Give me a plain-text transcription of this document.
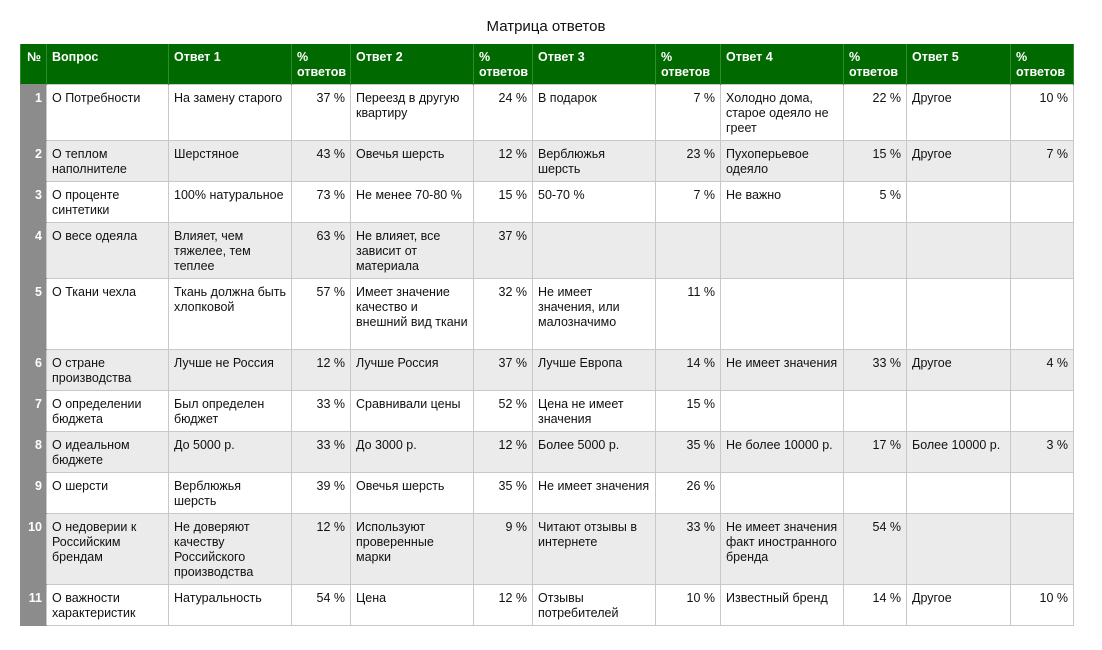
Матрица ответов
№	Вопрос	Ответ 1	% ответов	Ответ 2	% ответов	Ответ 3	% ответов	Ответ 4	% ответов	Ответ 5	% ответов
1	О Потребности	На замену старого	37 %	Переезд в другую квартиру	24 %	В подарок	7 %	Холодно дома, старое одеяло не греет	22 %	Другое	10 %
2	О теплом наполнителе	Шерстяное	43 %	Овечья шерсть	12 %	Верблюжья шерсть	23 %	Пухоперьевое одеяло	15 %	Другое	7 %
3	О проценте синтетики	100% натуральное	73 %	Не менее 70-80 %	15 %	50-70 %	7 %	Не важно	5 %		
4	О весе одеяла	Влияет, чем тяжелее, тем теплее	63 %	Не влияет, все зависит от материала	37 %						
5	О Ткани чехла	Ткань должна быть хлопковой	57 %	Имеет значение качество и внешний вид ткани	32 %	Не имеет значения, или малозначимо	11 %				
6	О стране производства	Лучше не Россия	12 %	Лучше Россия	37 %	Лучше Европа	14 %	Не имеет значения	33 %	Другое	4 %
7	О определении бюджета	Был определен бюджет	33 %	Сравнивали цены	52 %	Цена не имеет значения	15 %				
8	О идеальном бюджете	До 5000 р.	33 %	До 3000 р.	12 %	Более 5000 р.	35 %	Не более 10000 р.	17 %	Более 10000 р.	3 %
9	О шерсти	Верблюжья шерсть	39 %	Овечья шерсть	35 %	Не имеет значения	26 %				
10	О недоверии к Российским брендам	Не доверяют качеству Российского производства	12 %	Используют проверенные марки	9 %	Читают отзывы в интернете	33 %	Не имеет значения факт иностранного бренда	54 %		
11	О важности характеристик	Натуральность	54 %	Цена	12 %	Отзывы потребителей	10 %	Известный бренд	14 %	Другое	10 %
